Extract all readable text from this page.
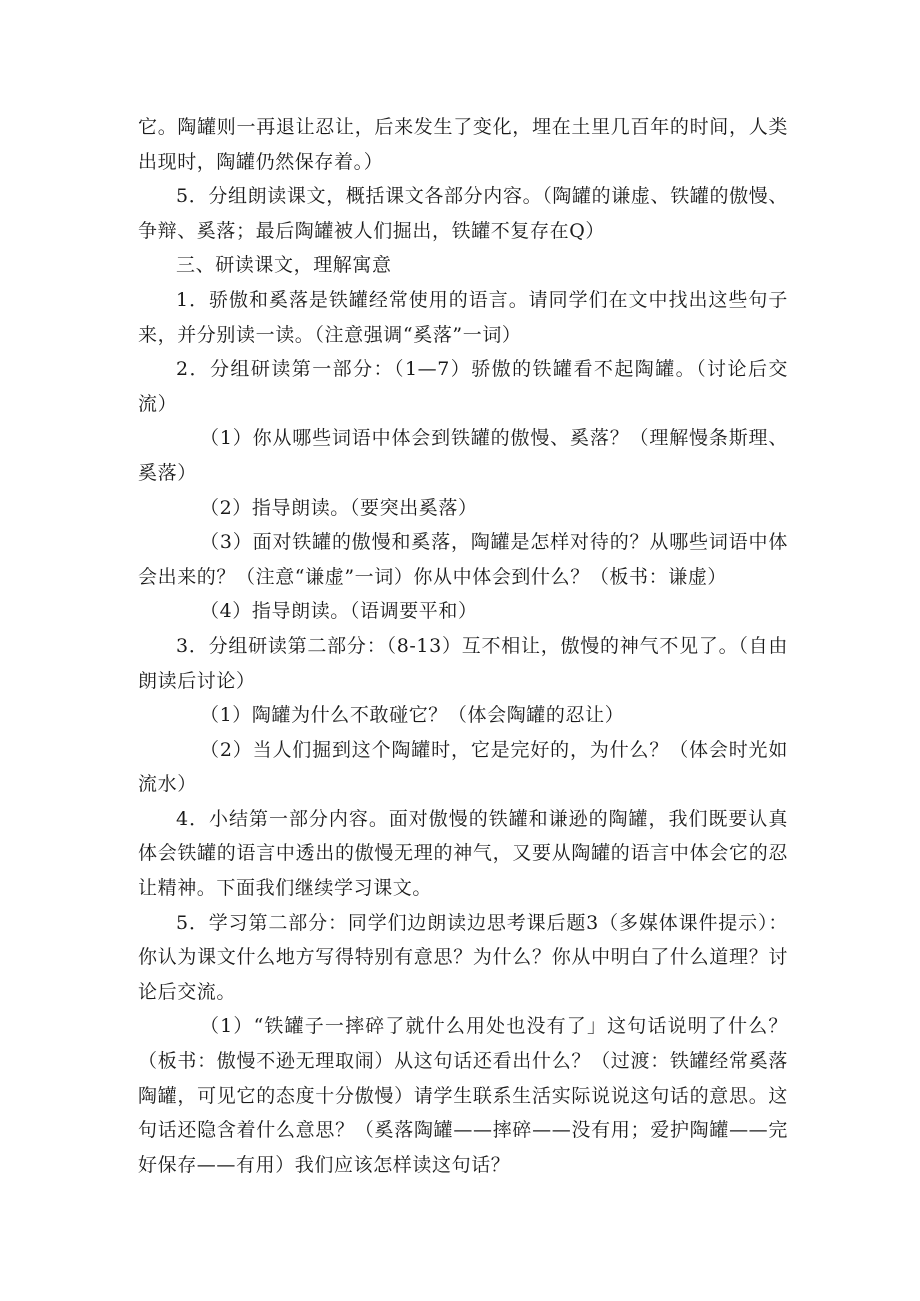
它。陶罐则一再退让忍让，后来发生了变化，埋在土里几百年的时间，人类出现时，陶罐仍然保存着。）

5．分组朗读课文，概括课文各部分内容。（陶罐的谦虚、铁罐的傲慢、争辩、奚落；最后陶罐被人们掘出，铁罐不复存在Q）

三、研读课文，理解寓意

1．骄傲和奚落是铁罐经常使用的语言。请同学们在文中找出这些句子来，并分别读一读。（注意强调“奚落”一词）

2．分组研读第一部分：（1—7）骄傲的铁罐看不起陶罐。（讨论后交流）

（1）你从哪些词语中体会到铁罐的傲慢、奚落？（理解慢条斯理、奚落）

（2）指导朗读。（要突出奚落）

（3）面对铁罐的傲慢和奚落，陶罐是怎样对待的？从哪些词语中体会出来的？（注意“谦虚”一词）你从中体会到什么？（板书：谦虚）

（4）指导朗读。（语调要平和）

3．分组研读第二部分：（8-13）互不相让，傲慢的神气不见了。（自由朗读后讨论）

（1）陶罐为什么不敢碰它？（体会陶罐的忍让）

（2）当人们掘到这个陶罐时，它是完好的，为什么？（体会时光如流水）

4．小结第一部分内容。面对傲慢的铁罐和谦逊的陶罐，我们既要认真体会铁罐的语言中透出的傲慢无理的神气，又要从陶罐的语言中体会它的忍让精神。下面我们继续学习课文。

5．学习第二部分：同学们边朗读边思考课后题3（多媒体课件提示）：你认为课文什么地方写得特别有意思？为什么？你从中明白了什么道理？讨论后交流。

（1）“铁罐子一摔碎了就什么用处也没有了」这句话说明了什么？（板书：傲慢不逊无理取闹）从这句话还看出什么？（过渡：铁罐经常奚落陶罐，可见它的态度十分傲慢）请学生联系生活实际说说这句话的意思。这句话还隐含着什么意思？（奚落陶罐——摔碎——没有用；爱护陶罐——完好保存——有用）我们应该怎样读这句话？
